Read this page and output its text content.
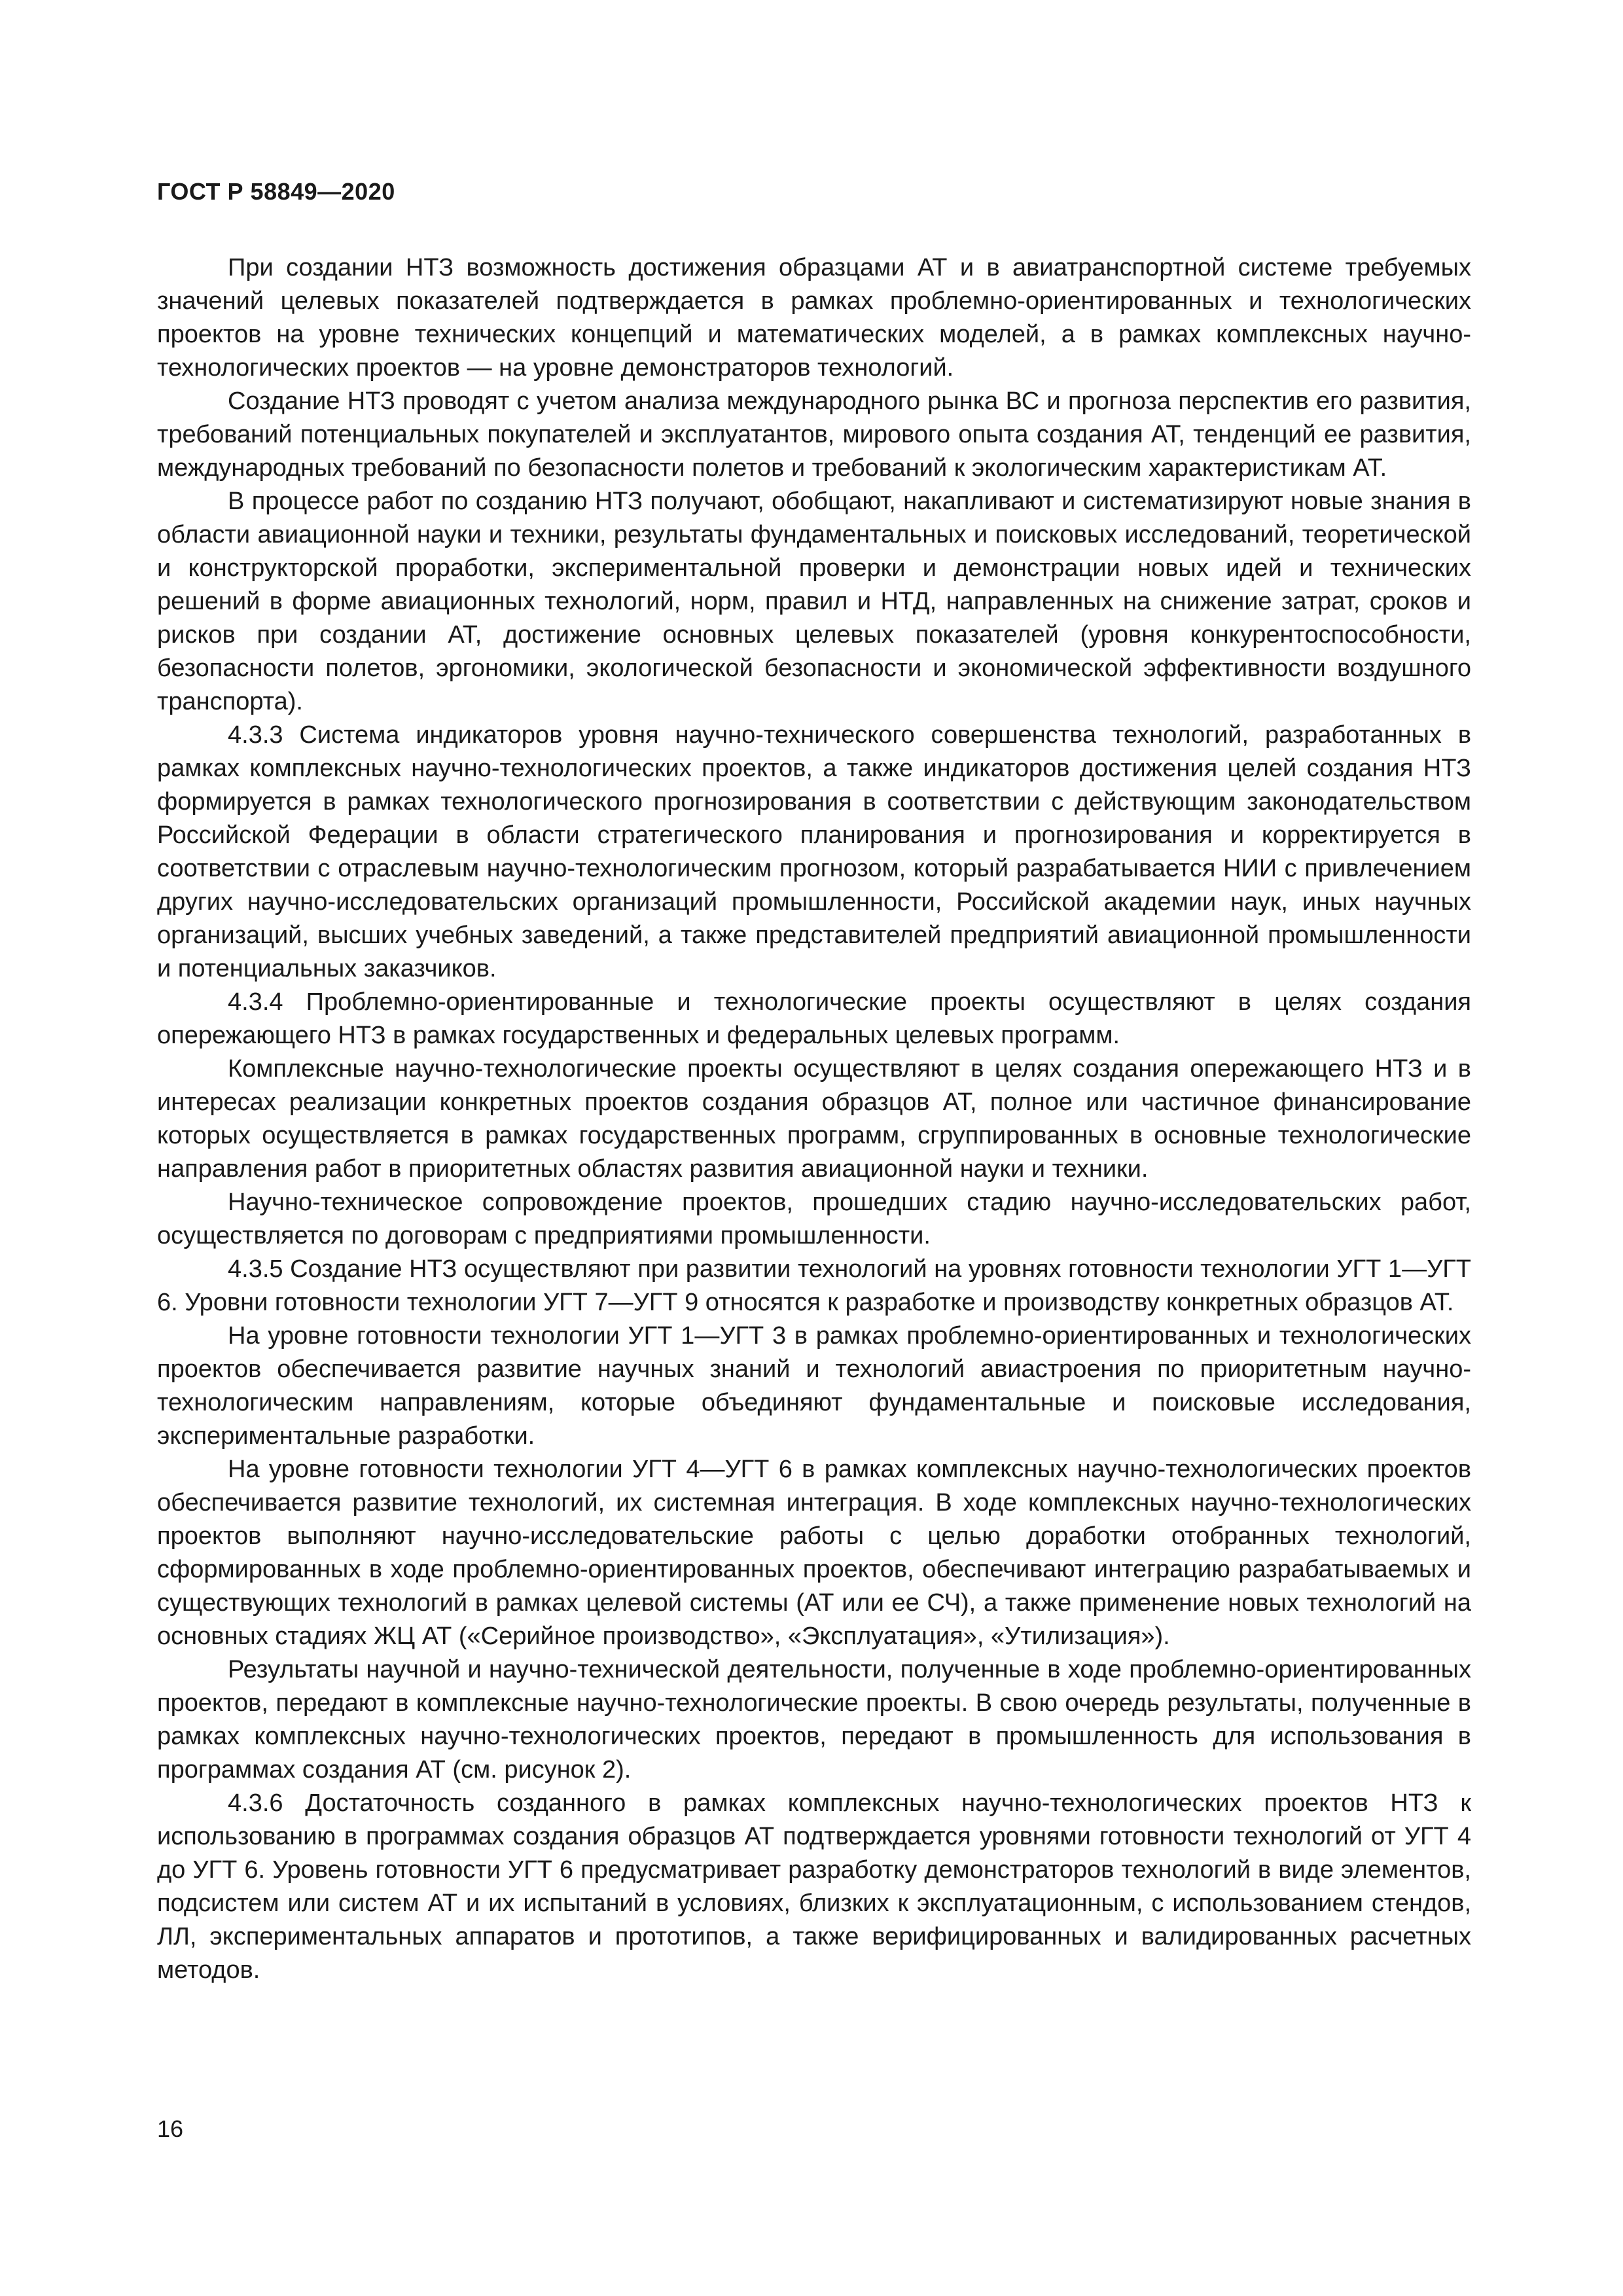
ГОСТ Р 58849—2020

При создании НТЗ возможность достижения образцами АТ и в авиатранспортной системе требуемых значений целевых показателей подтверждается в рамках проблемно-ориентированных и технологических проектов на уровне технических концепций и математических моделей, а в рамках комплексных научно-технологических проектов — на уровне демонстраторов технологий.

Создание НТЗ проводят с учетом анализа международного рынка ВС и прогноза перспектив его развития, требований потенциальных покупателей и эксплуатантов, мирового опыта создания АТ, тенденций ее развития, международных требований по безопасности полетов и требований к экологическим характеристикам АТ.

В процессе работ по созданию НТЗ получают, обобщают, накапливают и систематизируют новые знания в области авиационной науки и техники, результаты фундаментальных и поисковых исследований, теоретической и конструкторской проработки, экспериментальной проверки и демонстрации новых идей и технических решений в форме авиационных технологий, норм, правил и НТД, направленных на снижение затрат, сроков и рисков при создании АТ, достижение основных целевых показателей (уровня конкурентоспособности, безопасности полетов, эргономики, экологической безопасности и экономической эффективности воздушного транспорта).

4.3.3 Система индикаторов уровня научно-технического совершенства технологий, разработанных в рамках комплексных научно-технологических проектов, а также индикаторов достижения целей создания НТЗ формируется в рамках технологического прогнозирования в соответствии с действующим законодательством Российской Федерации в области стратегического планирования и прогнозирования и корректируется в соответствии с отраслевым научно-технологическим прогнозом, который разрабатывается НИИ с привлечением других научно-исследовательских организаций промышленности, Российской академии наук, иных научных организаций, высших учебных заведений, а также представителей предприятий авиационной промышленности и потенциальных заказчиков.

4.3.4 Проблемно-ориентированные и технологические проекты осуществляют в целях создания опережающего НТЗ в рамках государственных и федеральных целевых программ.

Комплексные научно-технологические проекты осуществляют в целях создания опережающего НТЗ и в интересах реализации конкретных проектов создания образцов АТ, полное или частичное финансирование которых осуществляется в рамках государственных программ, сгруппированных в основные технологические направления работ в приоритетных областях развития авиационной науки и техники.

Научно-техническое сопровождение проектов, прошедших стадию научно-исследовательских работ, осуществляется по договорам с предприятиями промышленности.

4.3.5 Создание НТЗ осуществляют при развитии технологий на уровнях готовности технологии УГТ 1—УГТ 6. Уровни готовности технологии УГТ 7—УГТ 9 относятся к разработке и производству конкретных образцов АТ.

На уровне готовности технологии УГТ 1—УГТ 3 в рамках проблемно-ориентированных и технологических проектов обеспечивается развитие научных знаний и технологий авиастроения по приоритетным научно-технологическим направлениям, которые объединяют фундаментальные и поисковые исследования, экспериментальные разработки.

На уровне готовности технологии УГТ 4—УГТ 6 в рамках комплексных научно-технологических проектов обеспечивается развитие технологий, их системная интеграция. В ходе комплексных научно-технологических проектов выполняют научно-исследовательские работы с целью доработки отобранных технологий, сформированных в ходе проблемно-ориентированных проектов, обеспечивают интеграцию разрабатываемых и существующих технологий в рамках целевой системы (АТ или ее СЧ), а также применение новых технологий на основных стадиях ЖЦ АТ («Серийное производство», «Эксплуатация», «Утилизация»).

Результаты научной и научно-технической деятельности, полученные в ходе проблемно-ориентированных проектов, передают в комплексные научно-технологические проекты. В свою очередь результаты, полученные в рамках комплексных научно-технологических проектов, передают в промышленность для использования в программах создания АТ (см. рисунок 2).

4.3.6 Достаточность созданного в рамках комплексных научно-технологических проектов НТЗ к использованию в программах создания образцов АТ подтверждается уровнями готовности технологий от УГТ 4 до УГТ 6. Уровень готовности УГТ 6 предусматривает разработку демонстраторов технологий в виде элементов, подсистем или систем АТ и их испытаний в условиях, близких к эксплуатационным, с использованием стендов, ЛЛ, экспериментальных аппаратов и прототипов, а также верифицированных и валидированных расчетных методов.

16
